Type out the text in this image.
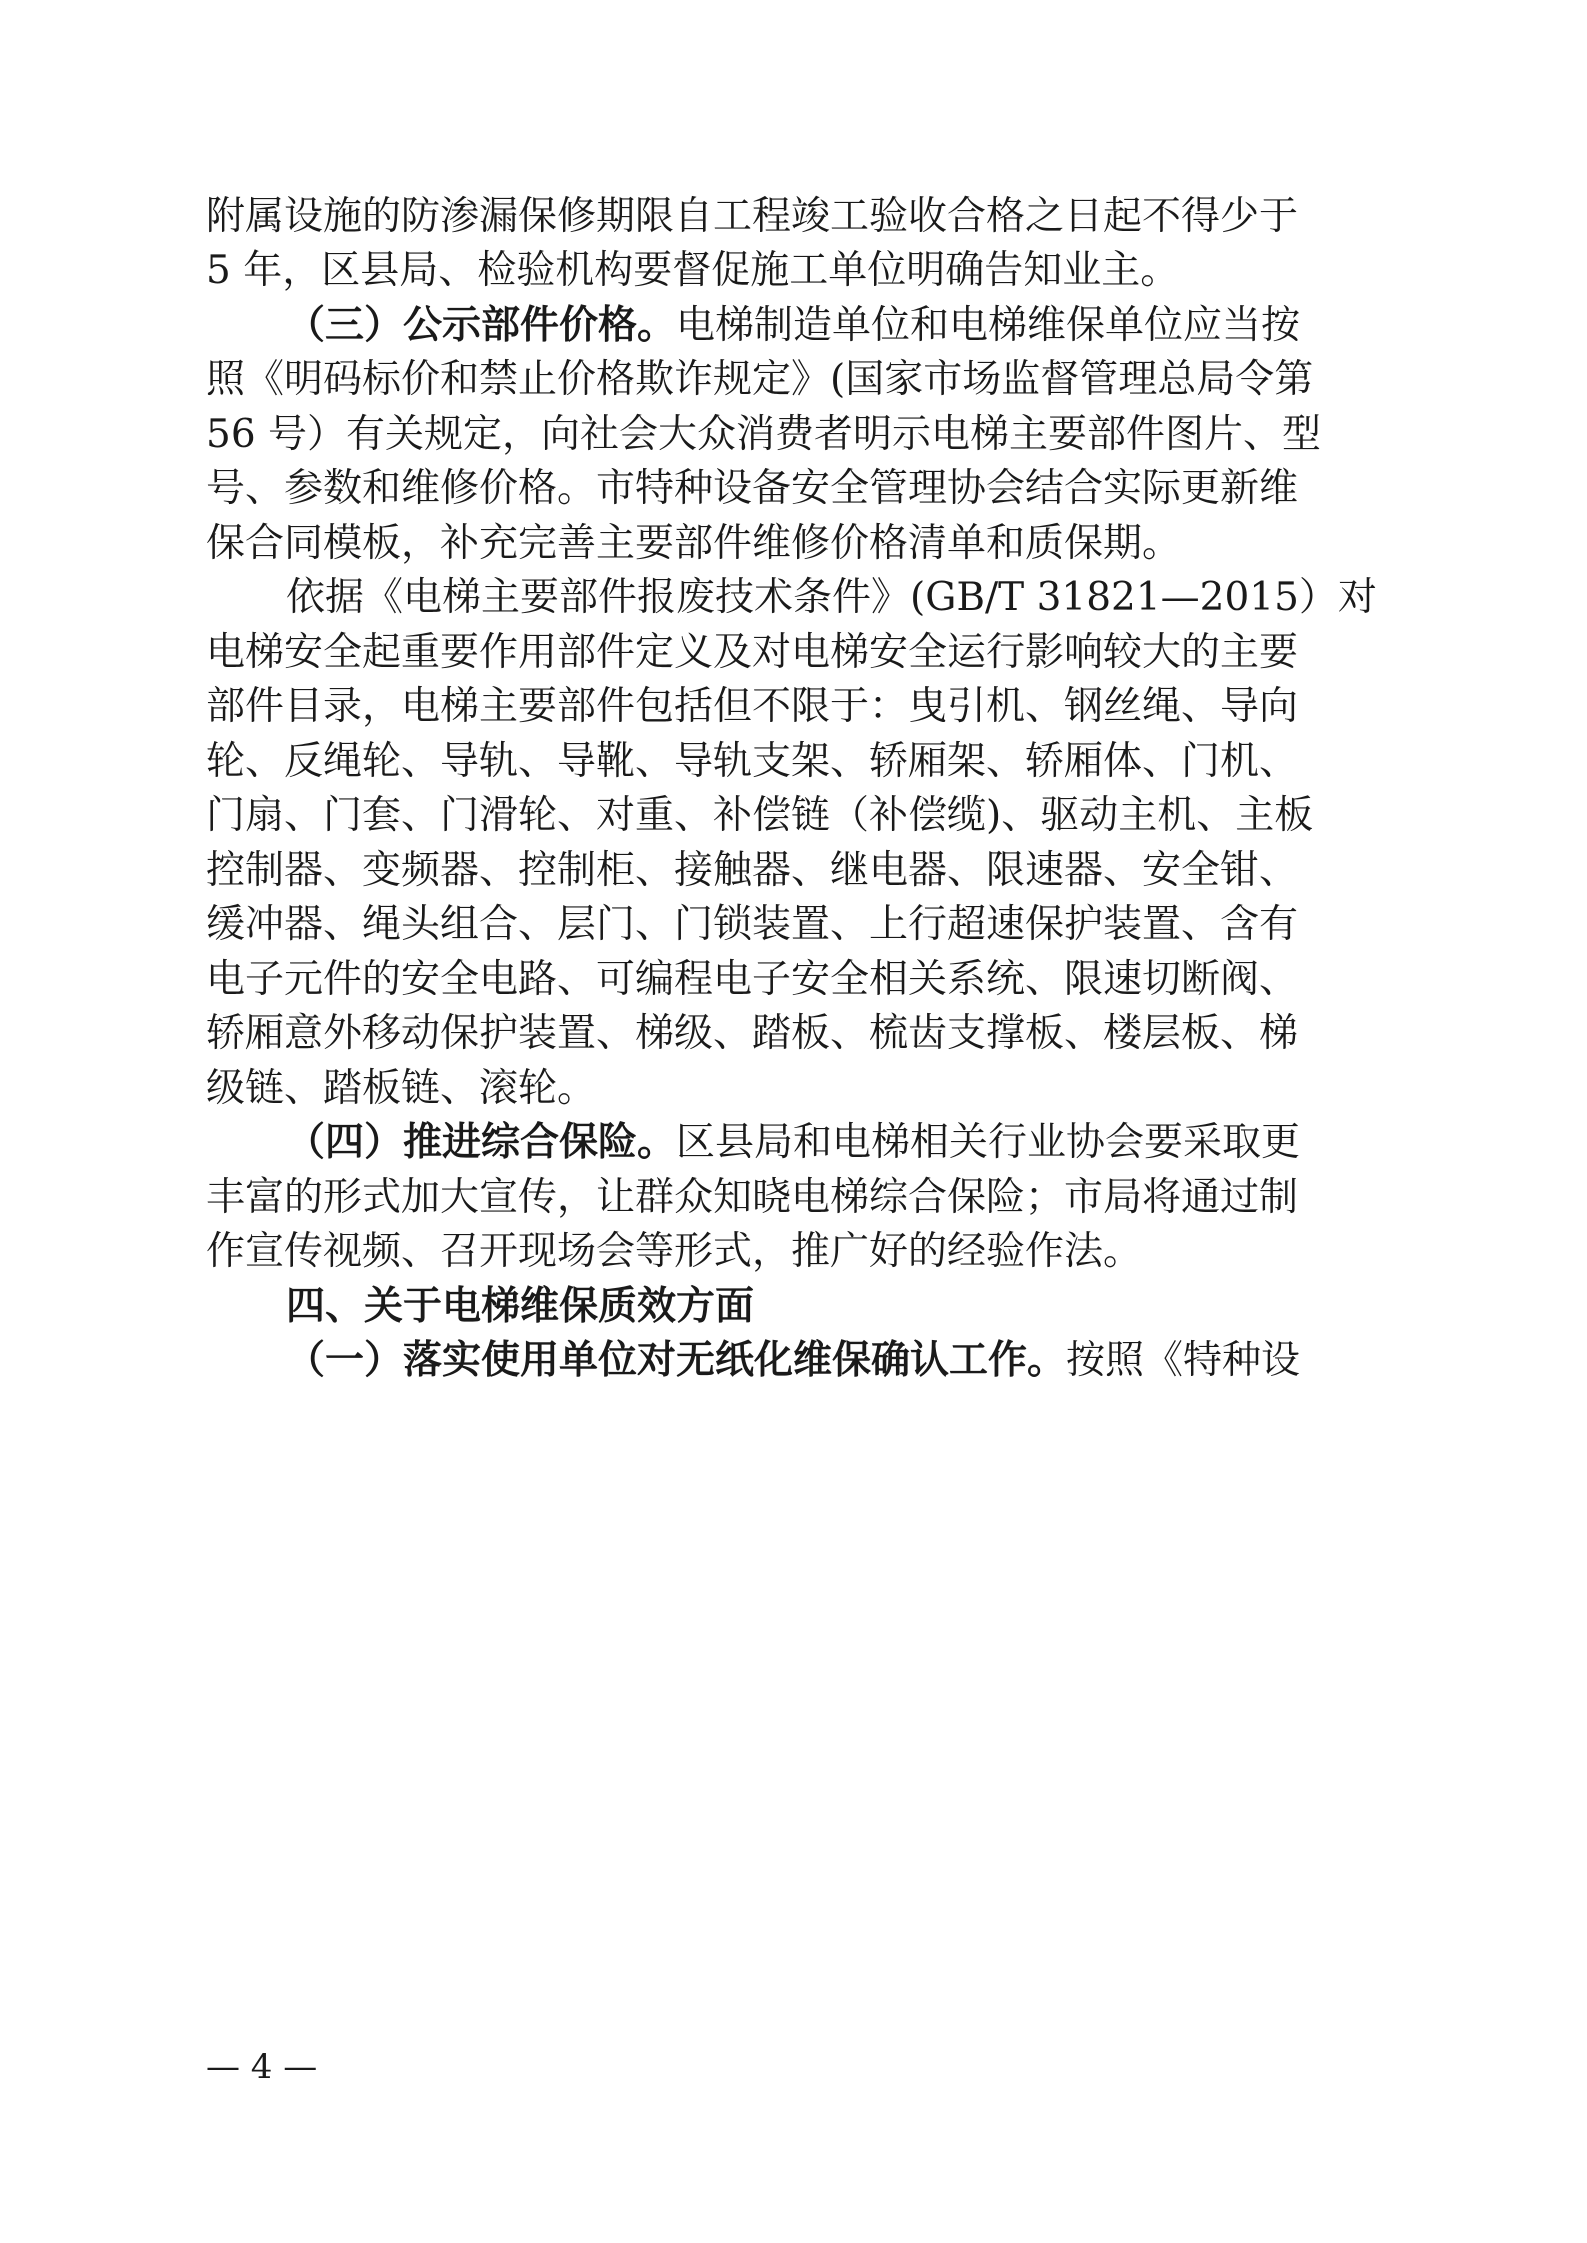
附属设施的防渗漏保修期限自工程竣工验收合格之日起不得少于
5 年，区县局、检验机构要督促施工单位明确告知业主。
（三）公示部件价格。电梯制造单位和电梯维保单位应当按
照《明码标价和禁止价格欺诈规定》(国家市场监督管理总局令第
56 号）有关规定，向社会大众消费者明示电梯主要部件图片、型
号、参数和维修价格。市特种设备安全管理协会结合实际更新维
保合同模板，补充完善主要部件维修价格清单和质保期。
依据《电梯主要部件报废技术条件》(GB/T 31821—2015）对
电梯安全起重要作用部件定义及对电梯安全运行影响较大的主要
部件目录，电梯主要部件包括但不限于：曳引机、钢丝绳、导向
轮、反绳轮、导轨、导靴、导轨支架、轿厢架、轿厢体、门机、
门扇、门套、门滑轮、对重、补偿链（补偿缆)、驱动主机、主板
控制器、变频器、控制柜、接触器、继电器、限速器、安全钳、
缓冲器、绳头组合、层门、门锁装置、上行超速保护装置、含有
电子元件的安全电路、可编程电子安全相关系统、限速切断阀、
轿厢意外移动保护装置、梯级、踏板、梳齿支撑板、楼层板、梯
级链、踏板链、滚轮。
（四）推进综合保险。区县局和电梯相关行业协会要采取更
丰富的形式加大宣传，让群众知晓电梯综合保险；市局将通过制
作宣传视频、召开现场会等形式，推广好的经验作法。
四、关于电梯维保质效方面
（一）落实使用单位对无纸化维保确认工作。按照《特种设
— 4 —
